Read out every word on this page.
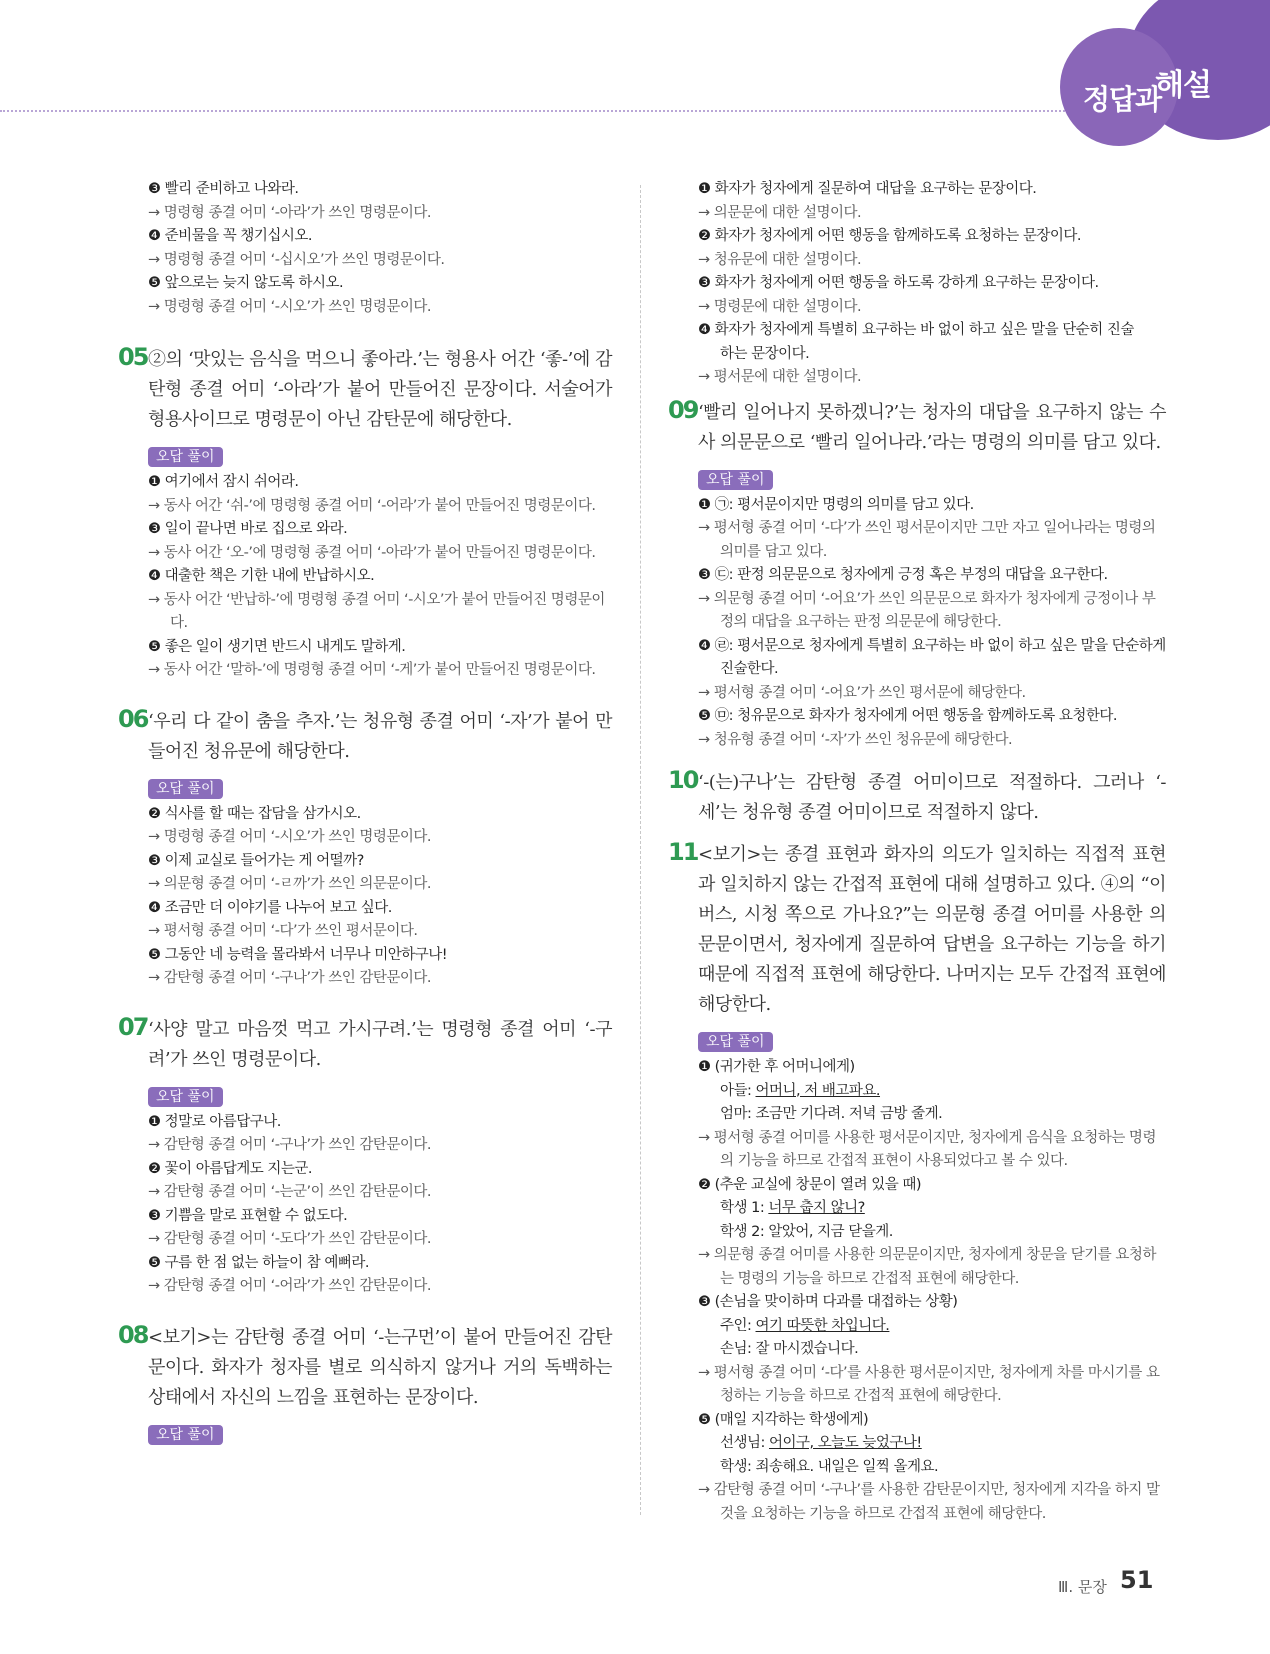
정답과
해설
❸ 빨리 준비하고 나와라.
→ 명령형 종결 어미 ‘-아라’가 쓰인 명령문이다.
❹ 준비물을 꼭 챙기십시오.
→ 명령형 종결 어미 ‘-십시오’가 쓰인 명령문이다.
❺ 앞으로는 늦지 않도록 하시오.
→ 명령형 종결 어미 ‘-시오’가 쓰인 명령문이다.
05 ②의 ‘맛있는 음식을 먹으니 좋아라.’는 형용사 어간 ‘좋-’에 감탄형 종결 어미 ‘-아라’가 붙어 만들어진 문장이다. 서술어가 형용사이므로 명령문이 아닌 감탄문에 해당한다.
오답 풀이
❶ 여기에서 잠시 쉬어라.
→ 동사 어간 ‘쉬-’에 명령형 종결 어미 ‘-어라’가 붙어 만들어진 명령문이다.
❸ 일이 끝나면 바로 집으로 와라.
→ 동사 어간 ‘오-’에 명령형 종결 어미 ‘-아라’가 붙어 만들어진 명령문이다.
❹ 대출한 책은 기한 내에 반납하시오.
→ 동사 어간 ‘반납하-’에 명령형 종결 어미 ‘-시오’가 붙어 만들어진 명령문이다.
❺ 좋은 일이 생기면 반드시 내게도 말하게.
→ 동사 어간 ‘말하-’에 명령형 종결 어미 ‘-게’가 붙어 만들어진 명령문이다.
06 ‘우리 다 같이 춤을 추자.’는 청유형 종결 어미 ‘-자’가 붙어 만들어진 청유문에 해당한다.
오답 풀이
❷ 식사를 할 때는 잡담을 삼가시오.
→ 명령형 종결 어미 ‘-시오’가 쓰인 명령문이다.
❸ 이제 교실로 들어가는 게 어떨까?
→ 의문형 종결 어미 ‘-ㄹ까’가 쓰인 의문문이다.
❹ 조금만 더 이야기를 나누어 보고 싶다.
→ 평서형 종결 어미 ‘-다’가 쓰인 평서문이다.
❺ 그동안 네 능력을 몰라봐서 너무나 미안하구나!
→ 감탄형 종결 어미 ‘-구나’가 쓰인 감탄문이다.
07 ‘사양 말고 마음껏 먹고 가시구려.’는 명령형 종결 어미 ‘-구려’가 쓰인 명령문이다.
오답 풀이
❶ 정말로 아름답구나.
→ 감탄형 종결 어미 ‘-구나’가 쓰인 감탄문이다.
❷ 꽃이 아름답게도 지는군.
→ 감탄형 종결 어미 ‘-는군’이 쓰인 감탄문이다.
❸ 기쁨을 말로 표현할 수 없도다.
→ 감탄형 종결 어미 ‘-도다’가 쓰인 감탄문이다.
❺ 구름 한 점 없는 하늘이 참 예뻐라.
→ 감탄형 종결 어미 ‘-어라’가 쓰인 감탄문이다.
08 <보기>는 감탄형 종결 어미 ‘-는구먼’이 붙어 만들어진 감탄문이다. 화자가 청자를 별로 의식하지 않거나 거의 독백하는 상태에서 자신의 느낌을 표현하는 문장이다.
오답 풀이
❶ 화자가 청자에게 질문하여 대답을 요구하는 문장이다.
→ 의문문에 대한 설명이다.
❷ 화자가 청자에게 어떤 행동을 함께하도록 요청하는 문장이다.
→ 청유문에 대한 설명이다.
❸ 화자가 청자에게 어떤 행동을 하도록 강하게 요구하는 문장이다.
→ 명령문에 대한 설명이다.
❹ 화자가 청자에게 특별히 요구하는 바 없이 하고 싶은 말을 단순히 진술
하는 문장이다.
→ 평서문에 대한 설명이다.
09 ‘빨리 일어나지 못하겠니?’는 청자의 대답을 요구하지 않는 수사 의문문으로 ‘빨리 일어나라.’라는 명령의 의미를 담고 있다.
오답 풀이
❶ ㉠: 평서문이지만 명령의 의미를 담고 있다.
→ 평서형 종결 어미 ‘-다’가 쓰인 평서문이지만 그만 자고 일어나라는 명령의 의미를 담고 있다.
❸ ㉢: 판정 의문문으로 청자에게 긍정 혹은 부정의 대답을 요구한다.
→ 의문형 종결 어미 ‘-어요’가 쓰인 의문문으로 화자가 청자에게 긍정이나 부정의 대답을 요구하는 판정 의문문에 해당한다.
❹ ㉣: 평서문으로 청자에게 특별히 요구하는 바 없이 하고 싶은 말을 단순하게 진술한다.
→ 평서형 종결 어미 ‘-어요’가 쓰인 평서문에 해당한다.
❺ ㉤: 청유문으로 화자가 청자에게 어떤 행동을 함께하도록 요청한다.
→ 청유형 종결 어미 ‘-자’가 쓰인 청유문에 해당한다.
10 ‘-(는)구나’는 감탄형 종결 어미이므로 적절하다. 그러나 ‘-세’는 청유형 종결 어미이므로 적절하지 않다.
11 <보기>는 종결 표현과 화자의 의도가 일치하는 직접적 표현과 일치하지 않는 간접적 표현에 대해 설명하고 있다. ④의 “이 버스, 시청 쪽으로 가나요?”는 의문형 종결 어미를 사용한 의문문이면서, 청자에게 질문하여 답변을 요구하는 기능을 하기 때문에 직접적 표현에 해당한다. 나머지는 모두 간접적 표현에 해당한다.
오답 풀이
❶ (귀가한 후 어머니에게)
아들: 어머니, 저 배고파요.
엄마: 조금만 기다려. 저녁 금방 줄게.
→ 평서형 종결 어미를 사용한 평서문이지만, 청자에게 음식을 요청하는 명령의 기능을 하므로 간접적 표현이 사용되었다고 볼 수 있다.
❷ (추운 교실에 창문이 열려 있을 때)
학생 1: 너무 춥지 않니?
학생 2: 알았어, 지금 닫을게.
→ 의문형 종결 어미를 사용한 의문문이지만, 청자에게 창문을 닫기를 요청하는 명령의 기능을 하므로 간접적 표현에 해당한다.
❸ (손님을 맞이하며 다과를 대접하는 상황)
주인: 여기 따뜻한 차입니다.
손님: 잘 마시겠습니다.
→ 평서형 종결 어미 ‘-다’를 사용한 평서문이지만, 청자에게 차를 마시기를 요청하는 기능을 하므로 간접적 표현에 해당한다.
❺ (매일 지각하는 학생에게)
선생님: 어이구, 오늘도 늦었구나!
학생: 죄송해요. 내일은 일찍 올게요.
→ 감탄형 종결 어미 ‘-구나’를 사용한 감탄문이지만, 청자에게 지각을 하지 말 것을 요청하는 기능을 하므로 간접적 표현에 해당한다.
Ⅲ. 문장 51
